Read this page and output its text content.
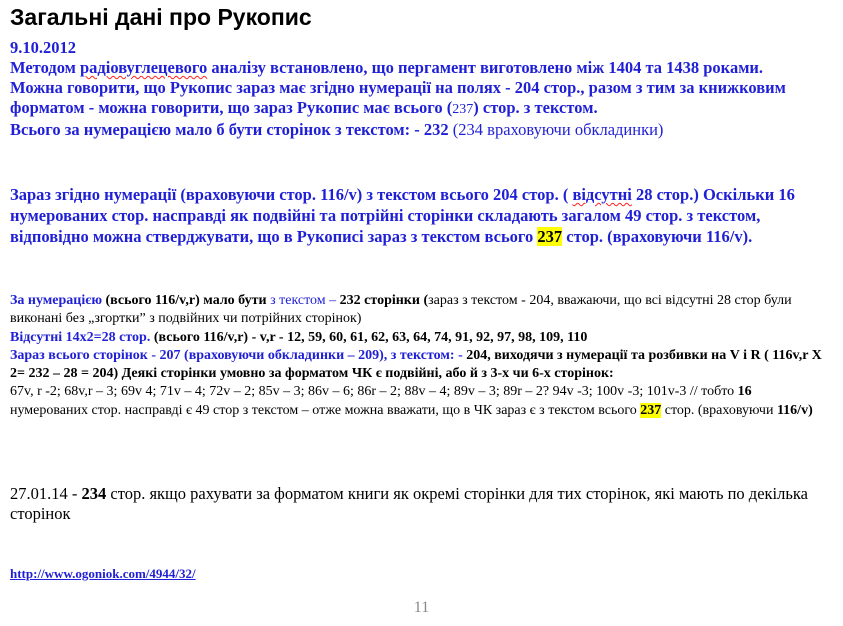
Загальні дані про Рукопис
9.10.2012
Методом радіовуглецевого аналізу встановлено, що пергамент виготовлено між 1404 та 1438 роками.
Можна говорити, що Рукопис зараз має згідно нумерації на полях - 204 стор., разом з тим за книжковим форматом - можна говорити, що зараз Рукопис має всього (237) стор. з текстом.
Всього за нумерацією мало б бути сторінок з текстом: - 232 (234 враховуючи обкладинки)
Зараз згідно нумерації (враховуючи стор. 116/v) з текстом всього 204 стор. ( відсутні 28 стор.) Оскільки 16 нумерованих стор. насправді як подвійні та потрійні сторінки складають загалом 49 стор. з текстом, відповідно можна стверджувати, що в Рукописі зараз з текстом всього 237 стор. (враховуючи 116/v).
За нумерацією (всього 116/v,r) мало бути з текстом – 232 сторінки (зараз з текстом - 204, вважаючи, що всі відсутні 28 стор були виконані без „згортки” з подвійних чи потрійних сторінок)
Відсутні 14х2=28 стор. (всього 116/v,r) - v,r - 12, 59, 60, 61, 62, 63, 64, 74, 91, 92, 97, 98, 109, 110
Зараз всього сторінок - 207 (враховуючи обкладинки – 209), з текстом: - 204, виходячи з нумерації та розбивки на V і R ( 116v,r X 2= 232 – 28 = 204) Деякі сторінки умовно за форматом ЧК є подвійні, або й з 3-х чи 6-х сторінок:
67v, r -2; 68v,r – 3; 69v 4; 71v – 4; 72v – 2; 85v – 3; 86v – 6; 86r – 2; 88v – 4; 89v – 3; 89r – 2? 94v -3; 100v -3; 101v-3 // тобто 16 нумерованих стор. насправді є 49 стор з текстом – отже можна вважати, що в ЧК зараз є з текстом всього 237 стор. (враховуючи 116/v)
27.01.14 - 234 стор. якщо рахувати за форматом книги як окремі сторінки для тих сторінок, які мають по декілька сторінок
http://www.ogoniok.com/4944/32/
11
